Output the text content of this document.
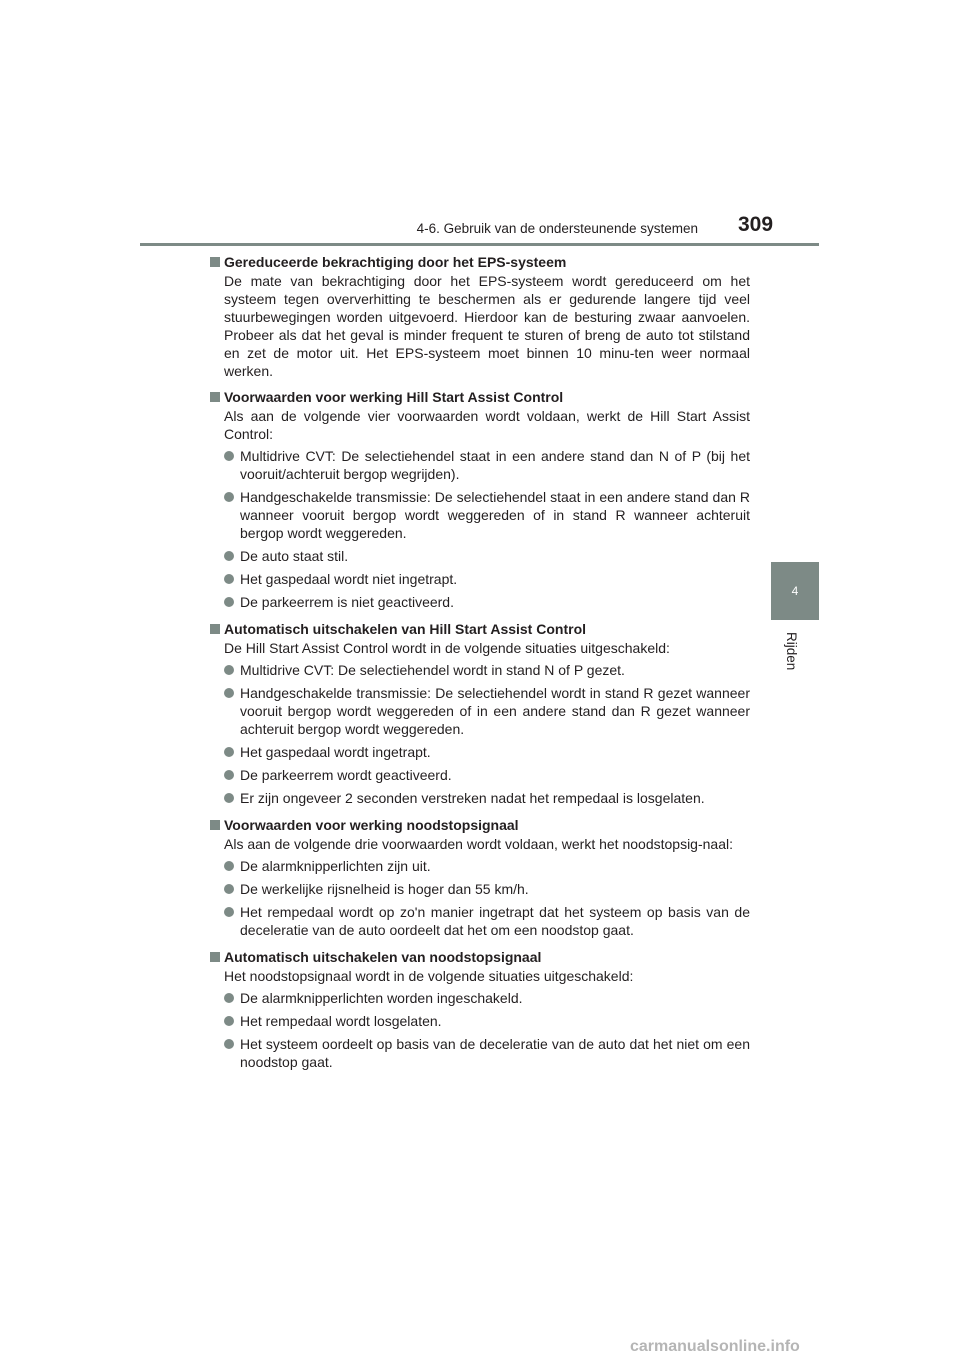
4-6. Gebruik van de ondersteunende systemen 309
4
Rijden
Gereduceerde bekrachtiging door het EPS-systeem

De mate van bekrachtiging door het EPS-systeem wordt gereduceerd om het systeem tegen oververhitting te beschermen als er gedurende langere tijd veel stuurbewegingen worden uitgevoerd. Hierdoor kan de besturing zwaar aanvoelen. Probeer als dat het geval is minder frequent te sturen of breng de auto tot stilstand en zet de motor uit. Het EPS-systeem moet binnen 10 minu-ten weer normaal werken.

Voorwaarden voor werking Hill Start Assist Control

Als aan de volgende vier voorwaarden wordt voldaan, werkt de Hill Start Assist Control:

Multidrive CVT: De selectiehendel staat in een andere stand dan N of P (bij het vooruit/achteruit bergop wegrijden).
Handgeschakelde transmissie: De selectiehendel staat in een andere stand dan R wanneer vooruit bergop wordt weggereden of in stand R wanneer achteruit bergop wordt weggereden.
De auto staat stil.
Het gaspedaal wordt niet ingetrapt.
De parkeerrem is niet geactiveerd.
Automatisch uitschakelen van Hill Start Assist Control

De Hill Start Assist Control wordt in de volgende situaties uitgeschakeld:

Multidrive CVT: De selectiehendel wordt in stand N of P gezet.
Handgeschakelde transmissie: De selectiehendel wordt in stand R gezet wanneer vooruit bergop wordt weggereden of in een andere stand dan R gezet wanneer achteruit bergop wordt weggereden.
Het gaspedaal wordt ingetrapt.
De parkeerrem wordt geactiveerd.
Er zijn ongeveer 2 seconden verstreken nadat het rempedaal is losgelaten.
Voorwaarden voor werking noodstopsignaal

Als aan de volgende drie voorwaarden wordt voldaan, werkt het noodstopsig-naal:

De alarmknipperlichten zijn uit.
De werkelijke rijsnelheid is hoger dan 55 km/h.
Het rempedaal wordt op zo'n manier ingetrapt dat het systeem op basis van de deceleratie van de auto oordeelt dat het om een noodstop gaat.
Automatisch uitschakelen van noodstopsignaal

Het noodstopsignaal wordt in de volgende situaties uitgeschakeld:

De alarmknipperlichten worden ingeschakeld.
Het rempedaal wordt losgelaten.
Het systeem oordeelt op basis van de deceleratie van de auto dat het niet om een noodstop gaat.
carmanualsonline.info
